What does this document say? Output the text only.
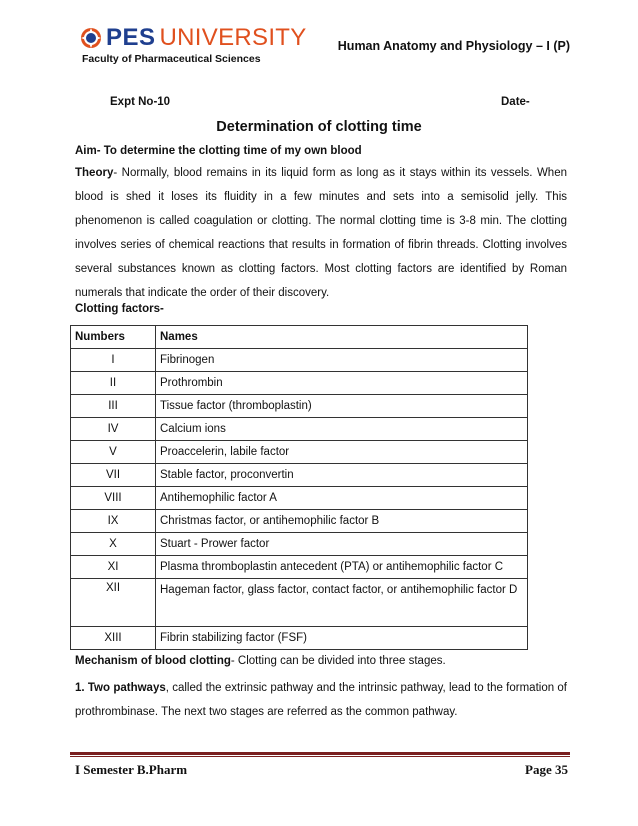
PES UNIVERSITY
Faculty of Pharmaceutical Sciences
Human Anatomy and Physiology – I (P)
Expt No-10	Date-
Determination of clotting time
Aim- To determine the clotting time of my own blood
Theory- Normally, blood remains in its liquid form as long as it stays within its vessels. When blood is shed it loses its fluidity in a few minutes and sets into a semisolid jelly. This phenomenon is called coagulation or clotting. The normal clotting time is 3-8 min. The clotting involves series of chemical reactions that results in formation of fibrin threads. Clotting involves several substances known as clotting factors. Most clotting factors are identified by Roman numerals that indicate the order of their discovery.
Clotting factors-
Numbers	Names
I	Fibrinogen
II	Prothrombin
III	Tissue factor (thromboplastin)
IV	Calcium ions
V	Proaccelerin, labile factor
VII	Stable factor, proconvertin
VIII	Antihemophilic factor A
IX	Christmas factor, or antihemophilic factor B
X	Stuart - Prower factor
XI	Plasma thromboplastin antecedent (PTA) or antihemophilic factor C
XII	Hageman factor, glass factor, contact factor, or antihemophilic factor D
XIII	Fibrin stabilizing factor (FSF)
Mechanism of blood clotting- Clotting can be divided into three stages.
1. Two pathways, called the extrinsic pathway and the intrinsic pathway, lead to the formation of prothrombinase. The next two stages are referred as the common pathway.
I Semester B.Pharm	Page 35
